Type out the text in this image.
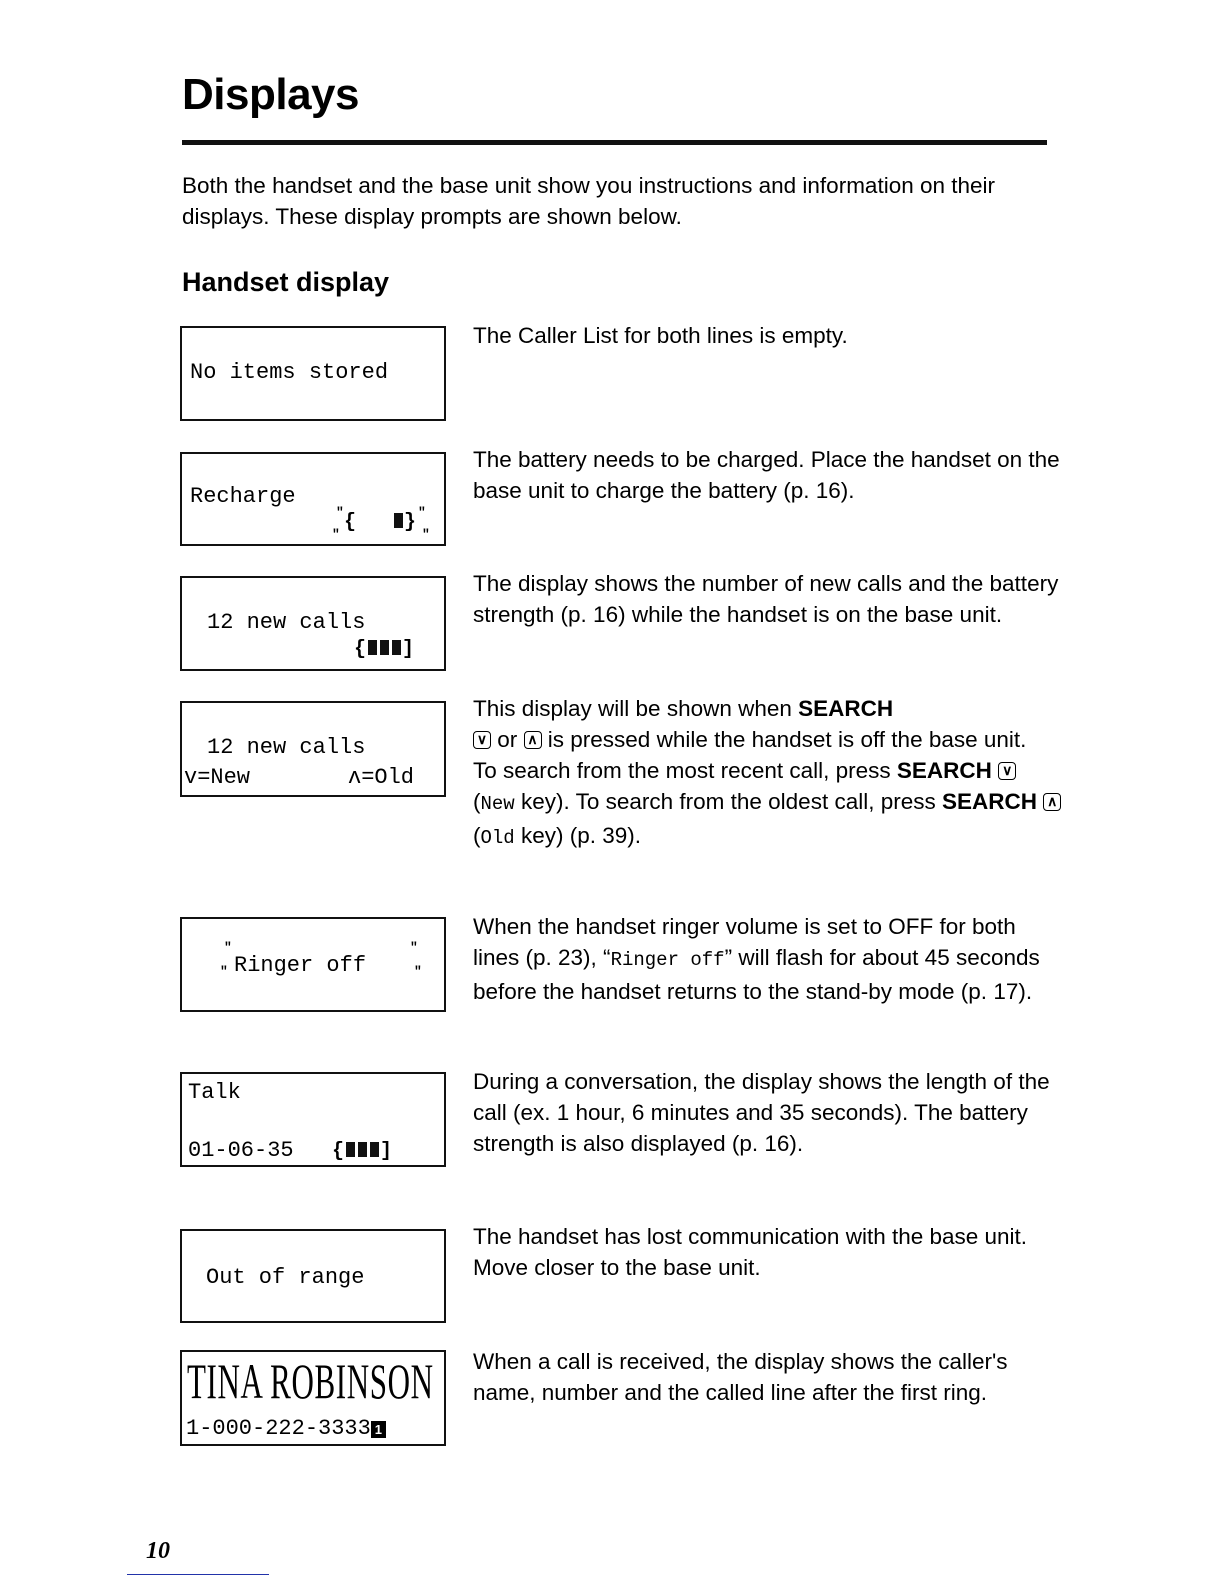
Displays

Both the handset and the base unit show you instructions and information on their displays. These display prompts are shown below.

Handset display
No items stored

The Caller List for both lines is empty.

Recharge
″
″
{   } ″
″

The battery needs to be charged. Place the handset on the base unit to charge the battery (p. 16).

12 new calls
{ ]

The display shows the number of new calls and the battery strength (p. 16) while the handset is on the base unit.

12 new calls
v=New	ʌ=Old

This display will be shown when SEARCH

∨ or ∧ is pressed while the handset is off the base unit.
To search from the most recent call, press SEARCH ∨
(New key). To search from the oldest call, press SEARCH ∧
(Old key) (p. 39).

″
″ Ringer off
″
″

When the handset ringer volume is set to OFF for both lines (p. 23), “Ringer off” will flash for about 45 seconds before the handset returns to the stand-by mode (p. 17).

Talk
01-06-35 { ]

During a conversation, the display shows the length of the call (ex. 1 hour, 6 minutes and 35 seconds). The battery strength is also displayed (p. 16).

Out of range

The handset has lost communication with the base unit. Move closer to the base unit.

TINA ROBINSON
1-000-222-3333 1

When a call is received, the display shows the caller's name, number and the called line after the first ring.

10
